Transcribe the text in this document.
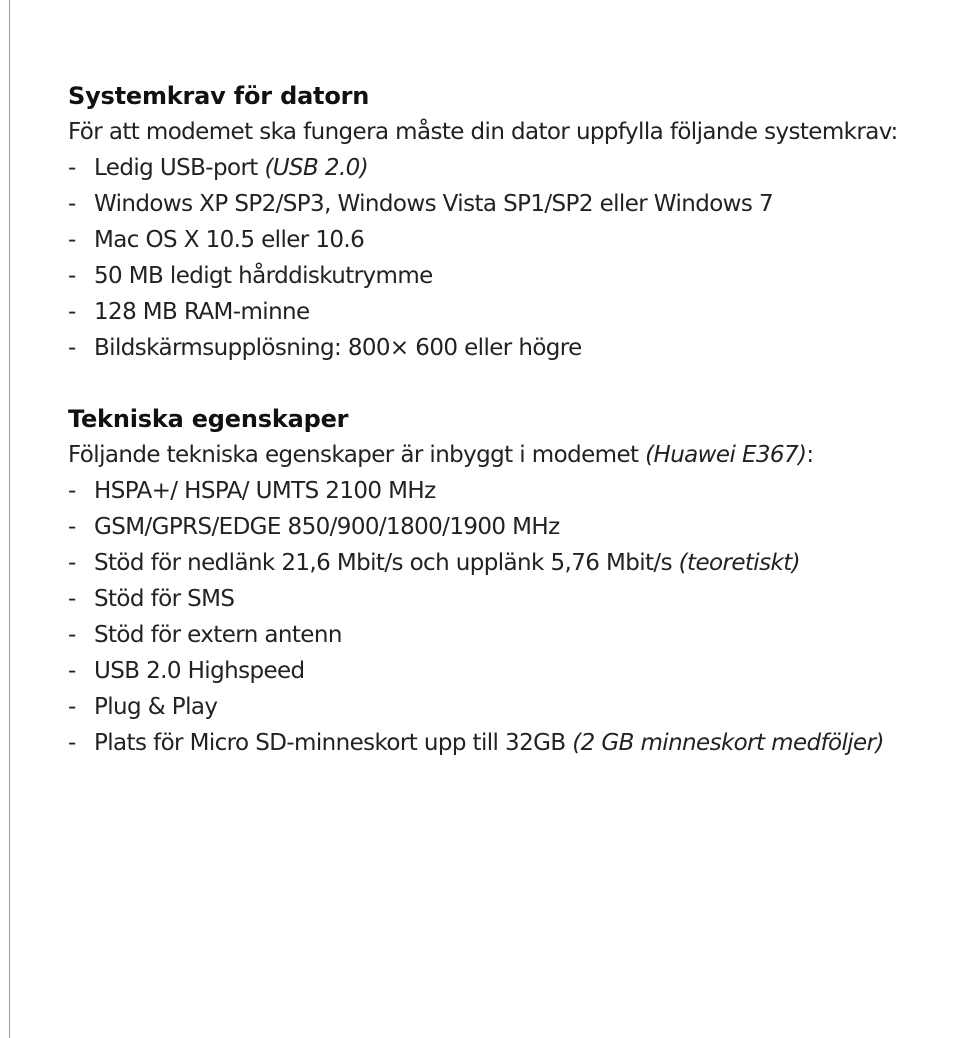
Systemkrav för datorn
För att modemet ska fungera måste din dator uppfylla följande systemkrav:
- Ledig USB-port (USB 2.0)
- Windows XP SP2/SP3, Windows Vista SP1/SP2 eller Windows 7
- Mac OS X 10.5 eller 10.6
- 50 MB ledigt hårddiskutrymme
- 128 MB RAM-minne
- Bildskärmsupplösning: 800× 600 eller högre
Tekniska egenskaper
Följande tekniska egenskaper är inbyggt i modemet (Huawei E367):
- HSPA+/ HSPA/ UMTS 2100 MHz
- GSM/GPRS/EDGE 850/900/1800/1900 MHz
- Stöd för nedlänk 21,6 Mbit/s och upplänk 5,76 Mbit/s (teoretiskt)
- Stöd för SMS
- Stöd för extern antenn
- USB 2.0 Highspeed
- Plug & Play
- Plats för Micro SD-minneskort upp till 32GB (2 GB minneskort medföljer)
